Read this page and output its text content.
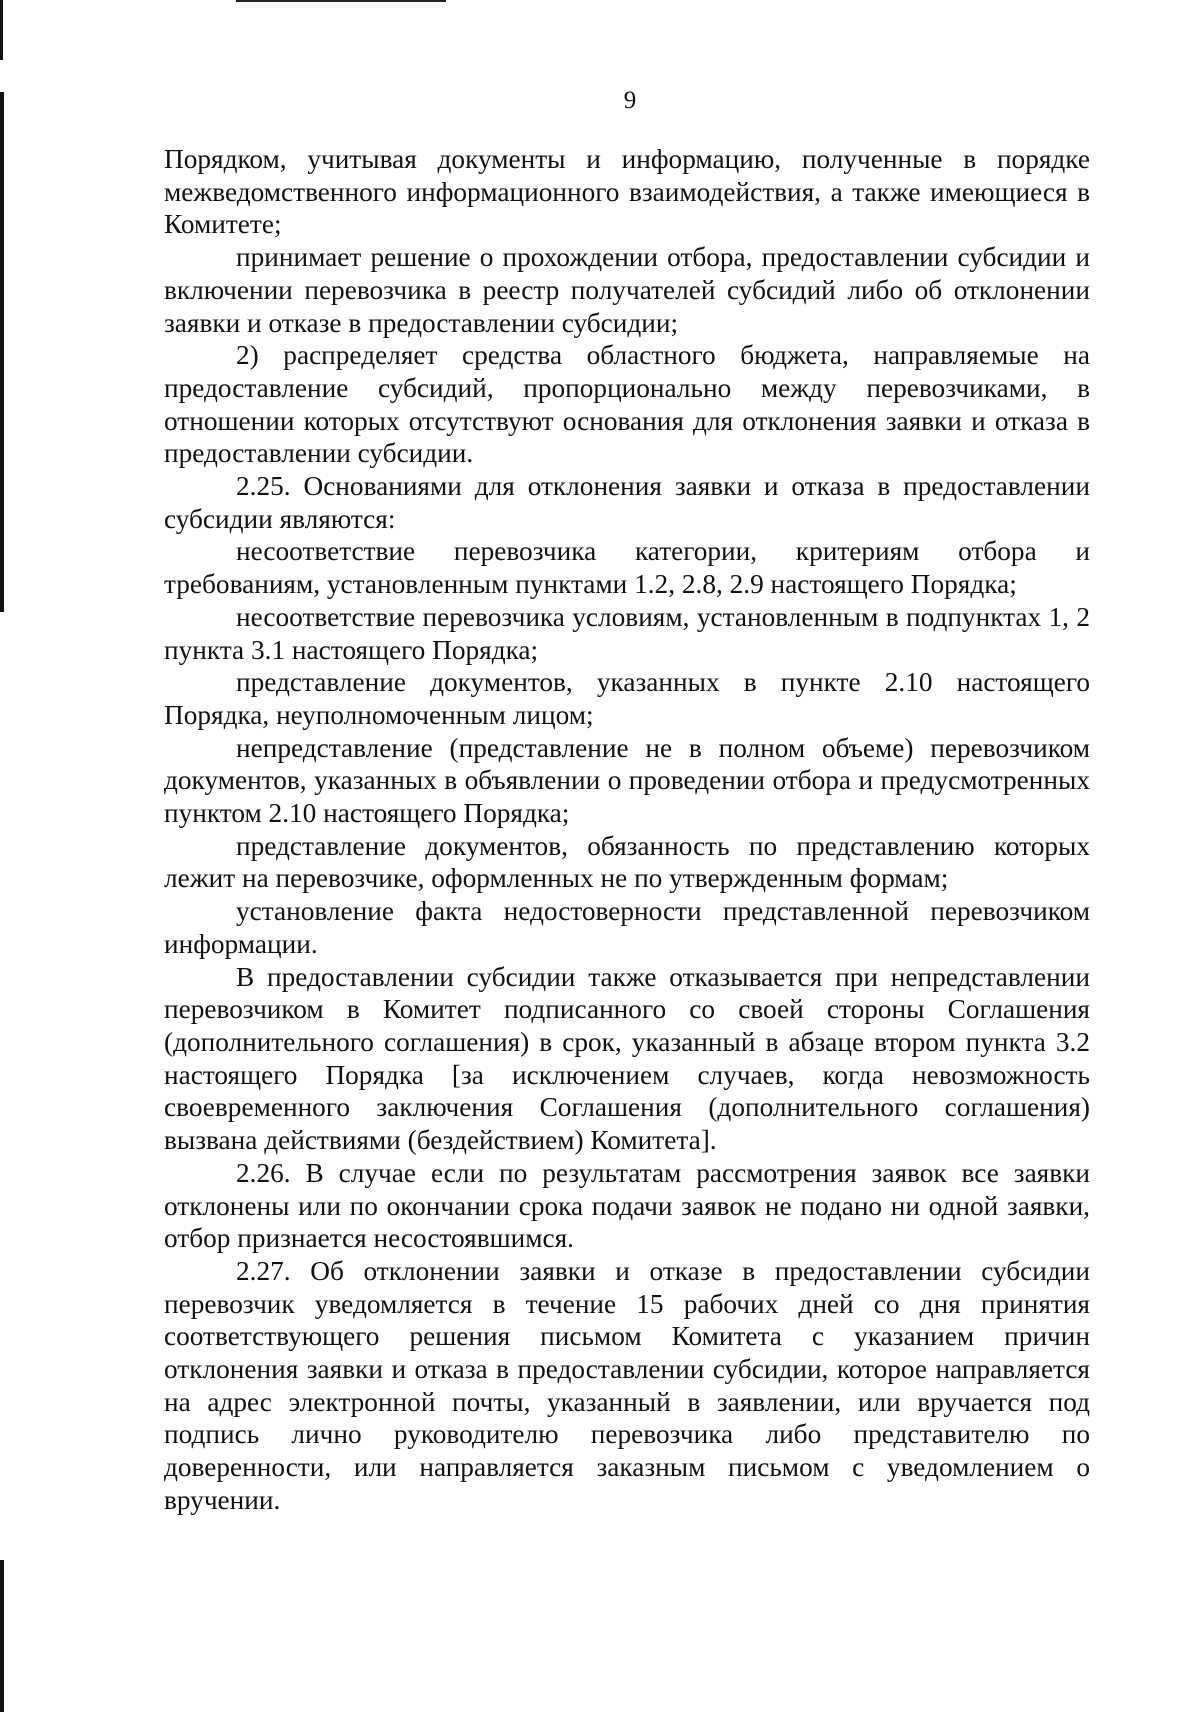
9

Порядком, учитывая документы и информацию, полученные в порядке межведомственного информационного взаимодействия, а также имеющиеся в Комитете;

принимает решение о прохождении отбора, предоставлении субсидии и включении перевозчика в реестр получателей субсидий либо об отклонении заявки и отказе в предоставлении субсидии;

2) распределяет средства областного бюджета, направляемые на предоставление субсидий, пропорционально между перевозчиками, в отношении которых отсутствуют основания для отклонения заявки и отказа в предоставлении субсидии.

2.25. Основаниями для отклонения заявки и отказа в предоставлении субсидии являются:

несоответствие перевозчика категории, критериям отбора и требованиям, установленным пунктами 1.2, 2.8, 2.9 настоящего Порядка;

несоответствие перевозчика условиям, установленным в подпунктах 1, 2 пункта 3.1 настоящего Порядка;

представление документов, указанных в пункте 2.10 настоящего Порядка, неуполномоченным лицом;

непредставление (представление не в полном объеме) перевозчиком документов, указанных в объявлении о проведении отбора и предусмотренных пунктом 2.10 настоящего Порядка;

представление документов, обязанность по представлению которых лежит на перевозчике, оформленных не по утвержденным формам;

установление факта недостоверности представленной перевозчиком информации.

В предоставлении субсидии также отказывается при непредставлении перевозчиком в Комитет подписанного со своей стороны Соглашения (дополнительного соглашения) в срок, указанный в абзаце втором пункта 3.2 настоящего Порядка [за исключением случаев, когда невозможность своевременного заключения Соглашения (дополнительного соглашения) вызвана действиями (бездействием) Комитета].

2.26. В случае если по результатам рассмотрения заявок все заявки отклонены или по окончании срока подачи заявок не подано ни одной заявки, отбор признается несостоявшимся.

2.27. Об отклонении заявки и отказе в предоставлении субсидии перевозчик уведомляется в течение 15 рабочих дней со дня принятия соответствующего решения письмом Комитета с указанием причин отклонения заявки и отказа в предоставлении субсидии, которое направляется на адрес электронной почты, указанный в заявлении, или вручается под подпись лично руководителю перевозчика либо представителю по доверенности, или направляется заказным письмом с уведомлением о вручении.
